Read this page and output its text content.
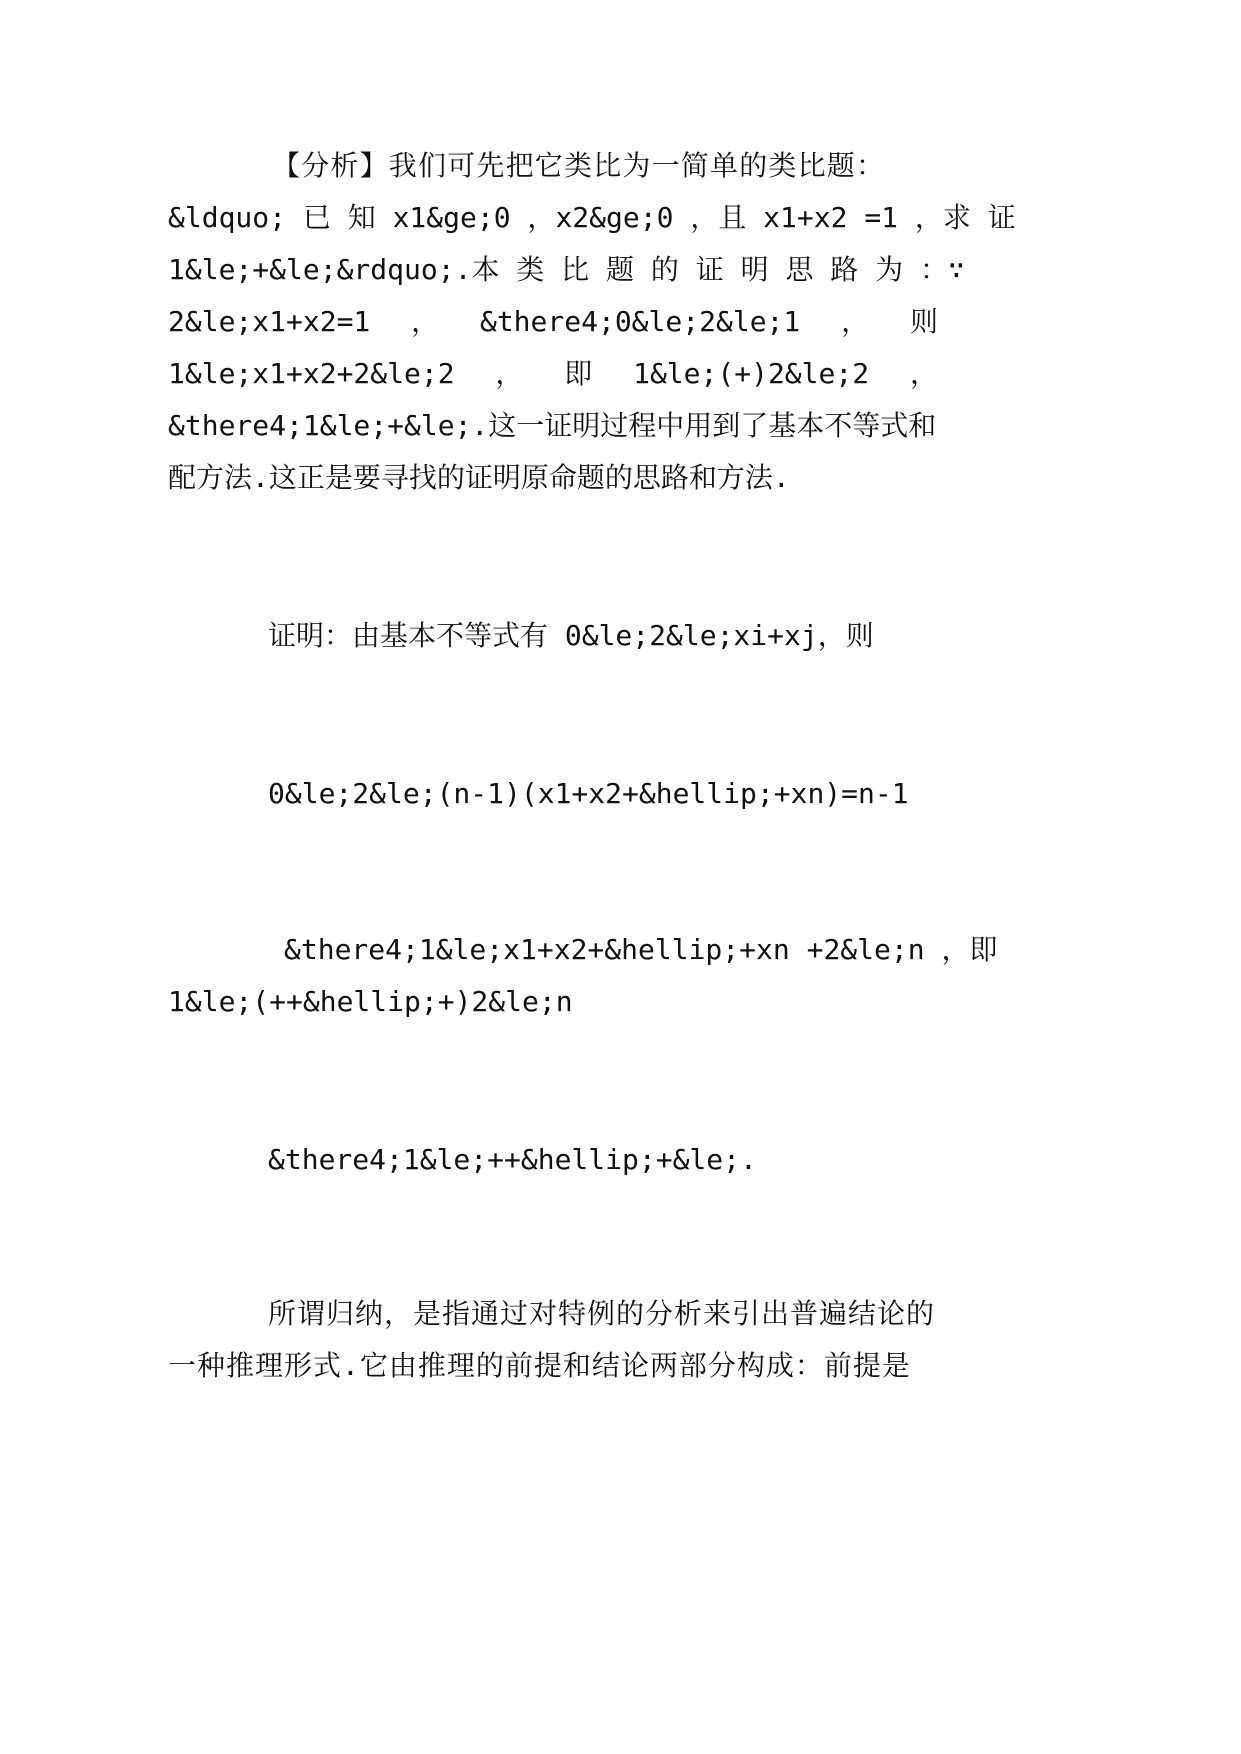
【分析】我们可先把它类比为一简单的类比题：
&ldquo; 已 知 x1&ge;0 ， x2&ge;0 ， 且 x1+x2 =1 ， 求 证
1&le;+&le;&rdquo;. 本 类 比 题 的 证 明 思 路 为 ： ∵
2&le;x1+x2=1 ， &there4;0&le;2&le;1 ， 则
1&le;x1+x2+2&le;2 ， 即 1&le;(+)2&le;2 ，
&there4;1&le;+&le;.这一证明过程中用到了基本不等式和
配方法.这正是要寻找的证明原命题的思路和方法.
证明：由基本不等式有 0&le;2&le;xi+xj，则
0&le;2&le;(n-1)(x1+x2+&hellip;+xn)=n-1
&there4;1&le;x1+x2+&hellip;+xn +2&le;n ， 即
1&le;(++&hellip;+)2&le;n
&there4;1&le;++&hellip;+&le;.
所谓归纳，是指通过对特例的分析来引出普遍结论的
一种推理形式.它由推理的前提和结论两部分构成：前提是
